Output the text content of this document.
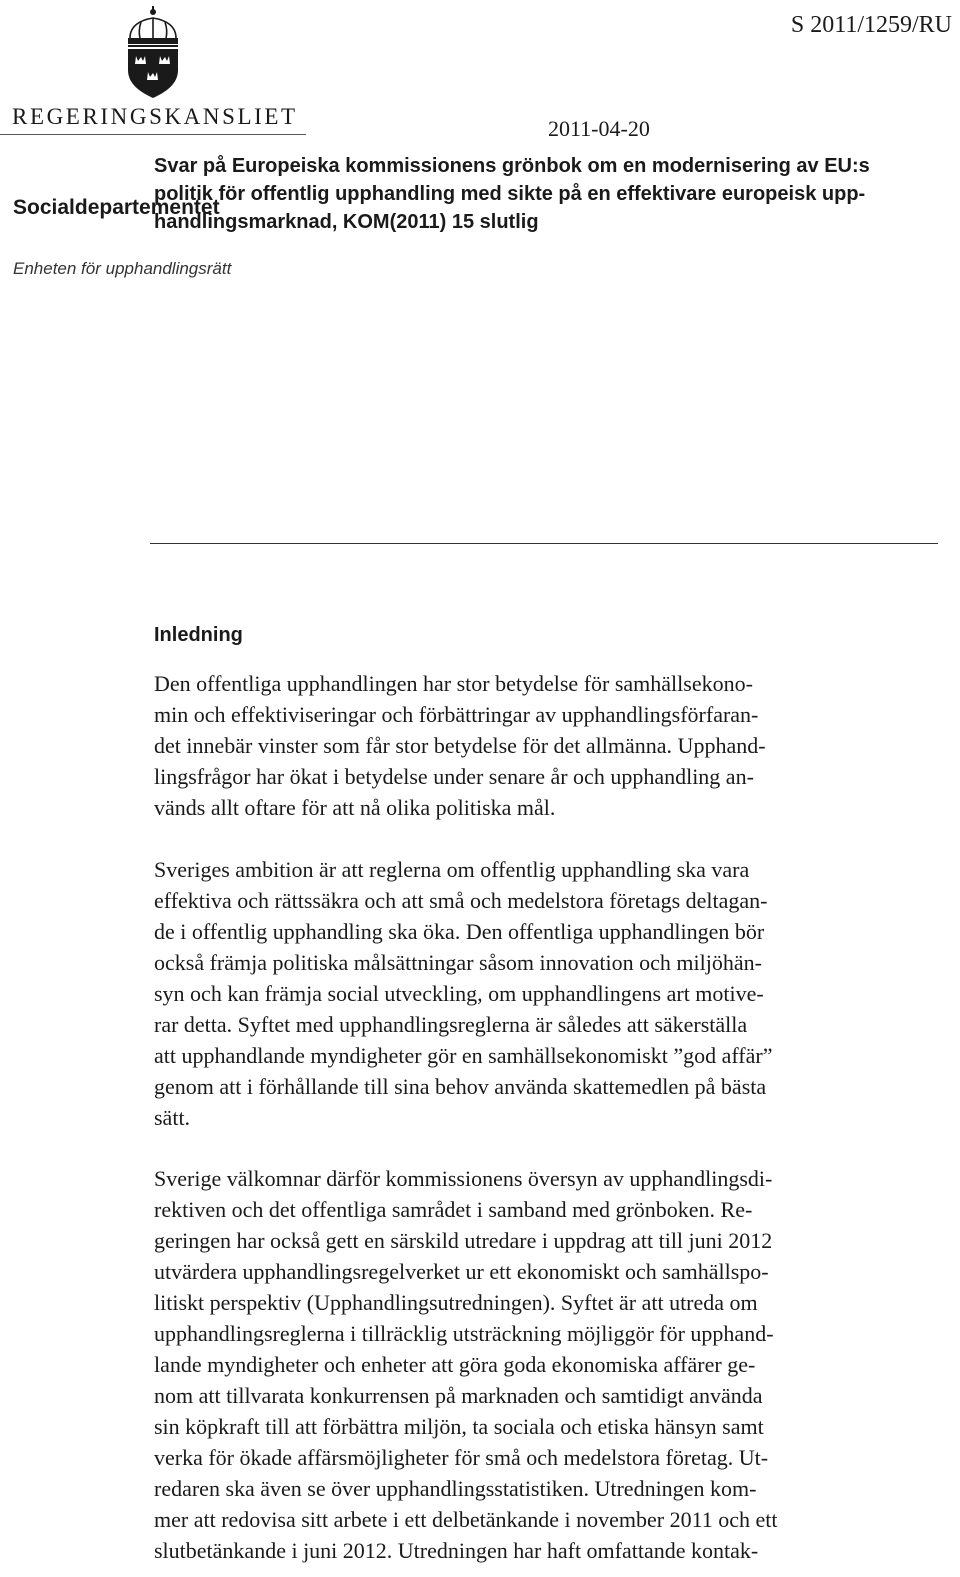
REGERINGSKANSLIET
S 2011/1259/RU
2011-04-20
Socialdepartementet
Enheten för upphandlingsrätt
Svar på Europeiska kommissionens grönbok om en modernisering av EU:s
politik för offentlig upphandling med sikte på en effektivare europeisk upp-
handlingsmarknad, KOM(2011) 15 slutlig
Inledning
Den offentliga upphandlingen har stor betydelse för samhällsekono-
min och effektiviseringar och förbättringar av upphandlingsförfaran-
det innebär vinster som får stor betydelse för det allmänna. Upphand-
lingsfrågor har ökat i betydelse under senare år och upphandling an-
vänds allt oftare för att nå olika politiska mål.
Sveriges ambition är att reglerna om offentlig upphandling ska vara
effektiva och rättssäkra och att små och medelstora företags deltagan-
de i offentlig upphandling ska öka. Den offentliga upphandlingen bör
också främja politiska målsättningar såsom innovation och miljöhän-
syn och kan främja social utveckling, om upphandlingens art motive-
rar detta. Syftet med upphandlingsreglerna är således att säkerställa
att upphandlande myndigheter gör en samhällsekonomiskt ”god affär”
genom att i förhållande till sina behov använda skattemedlen på bästa
sätt.
Sverige välkomnar därför kommissionens översyn av upphandlingsdi-
rektiven och det offentliga samrådet i samband med grönboken. Re-
geringen har också gett en särskild utredare i uppdrag att till juni 2012
utvärdera upphandlingsregelverket ur ett ekonomiskt och samhällspo-
litiskt perspektiv (Upphandlingsutredningen). Syftet är att utreda om
upphandlingsreglerna i tillräcklig utsträckning möjliggör för upphand-
lande myndigheter och enheter att göra goda ekonomiska affärer ge-
nom att tillvarata konkurrensen på marknaden och samtidigt använda
sin köpkraft till att förbättra miljön, ta sociala och etiska hänsyn samt
verka för ökade affärsmöjligheter för små och medelstora företag. Ut-
redaren ska även se över upphandlingsstatistiken. Utredningen kom-
mer att redovisa sitt arbete i ett delbetänkande i november 2011 och ett
slutbetänkande i juni 2012. Utredningen har haft omfattande kontak-
